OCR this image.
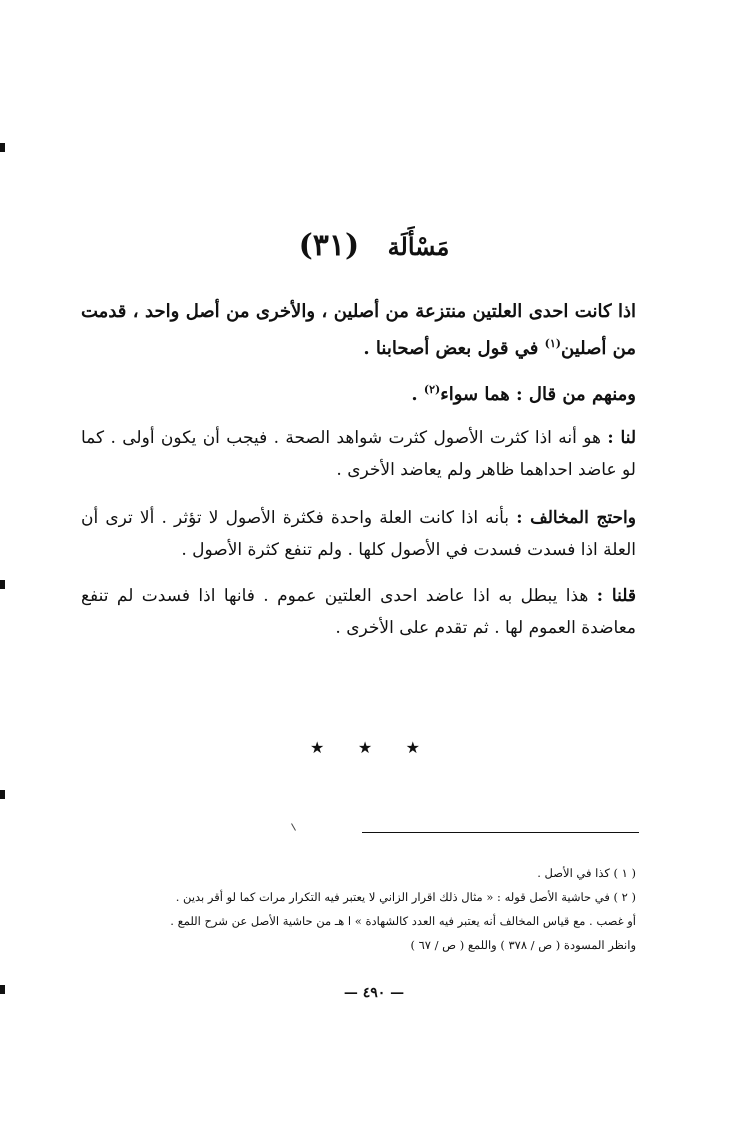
مَسْأَلَة (٣١)
اذا كانت احدى العلتين منتزعة من أصلين ، والأخرى من أصل واحد ، قدمت من أصلين$^{(١)}$ في قول بعض أصحابنا .
ومنهم من قال : هما سواء$^{(٢)}$ .
لنا : هو أنه اذا كثرت الأصول كثرت شواهد الصحة . فيجب أن يكون أولى . كما لو عاضد احداهما ظاهر ولم يعاضد الأخرى .
واحتج المخالف : بأنه اذا كانت العلة واحدة فكثرة الأصول لا تؤثر . ألا ترى أن العلة اذا فسدت فسدت في الأصول كلها . ولم تنفع كثرة الأصول .
قلنا : هذا يبطل به اذا عاضد احدى العلتين عموم . فانها اذا فسدت لم تنفع معاضدة العموم لها . ثم تقدم على الأخرى .
★ ★ ★
( ١ ) كذا في الأصل .
( ٢ ) في حاشية الأصل قوله : « مثال ذلك اقرار الزاني لا يعتبر فيه التكرار مرات كما لو أقر بدين .
أو غصب . مع قياس المخالف أنه يعتبر فيه العدد كالشهادة » ا هـ من حاشية الأصل عن شرح اللمع .
وانظر المسودة ( ص / ٣٧٨ ) واللمع ( ص / ٦٧ )
— ٤٩٠ —
